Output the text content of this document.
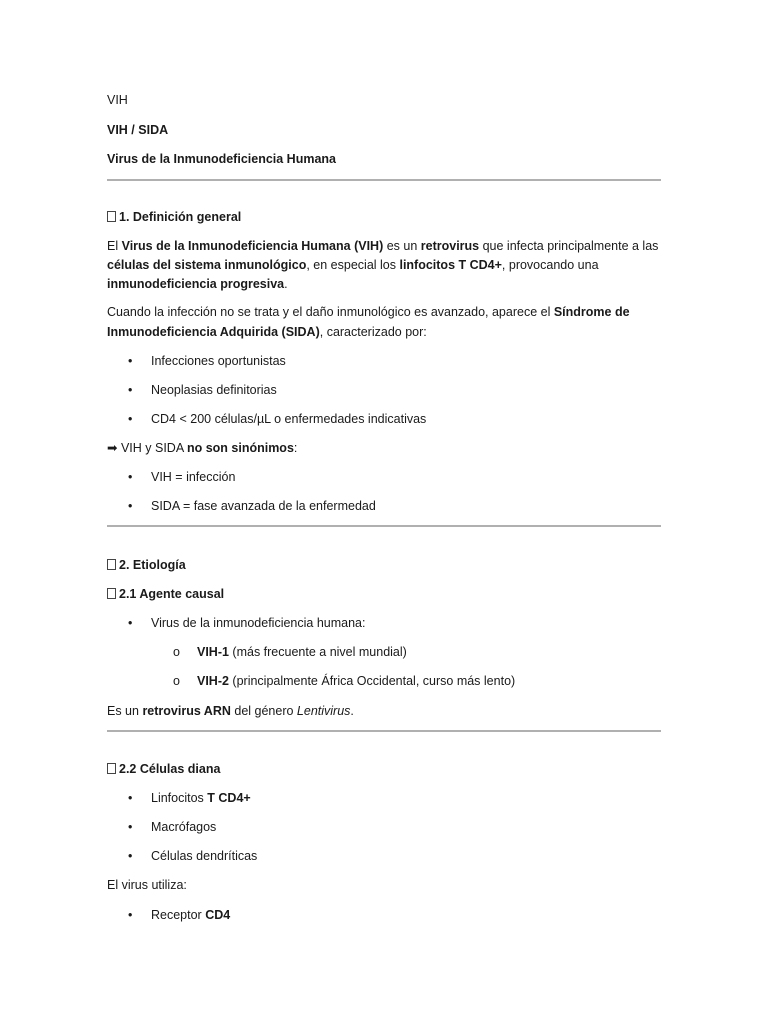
VIH
VIH / SIDA
Virus de la Inmunodeficiencia Humana
1. Definición general
El Virus de la Inmunodeficiencia Humana (VIH) es un retrovirus que infecta principalmente a las
células del sistema inmunológico, en especial los linfocitos T CD4+, provocando una
inmunodeficiencia progresiva.
Cuando la infección no se trata y el daño inmunológico es avanzado, aparece el Síndrome de
Inmunodeficiencia Adquirida (SIDA), caracterizado por:
•
Infecciones oportunistas
•
Neoplasias definitorias
•
CD4 < 200 células/µL o enfermedades indicativas
➡ VIH y SIDA no son sinónimos:
•
VIH = infección
•
SIDA = fase avanzada de la enfermedad
2. Etiología
2.1 Agente causal
•
Virus de la inmunodeficiencia humana:
o VIH-1 (más frecuente a nivel mundial)
o VIH-2 (principalmente África Occidental, curso más lento)
Es un retrovirus ARN del género Lentivirus.
2.2 Células diana
•
Linfocitos T CD4+
•
Macrófagos
•
Células dendríticas
El virus utiliza:
•
Receptor CD4
